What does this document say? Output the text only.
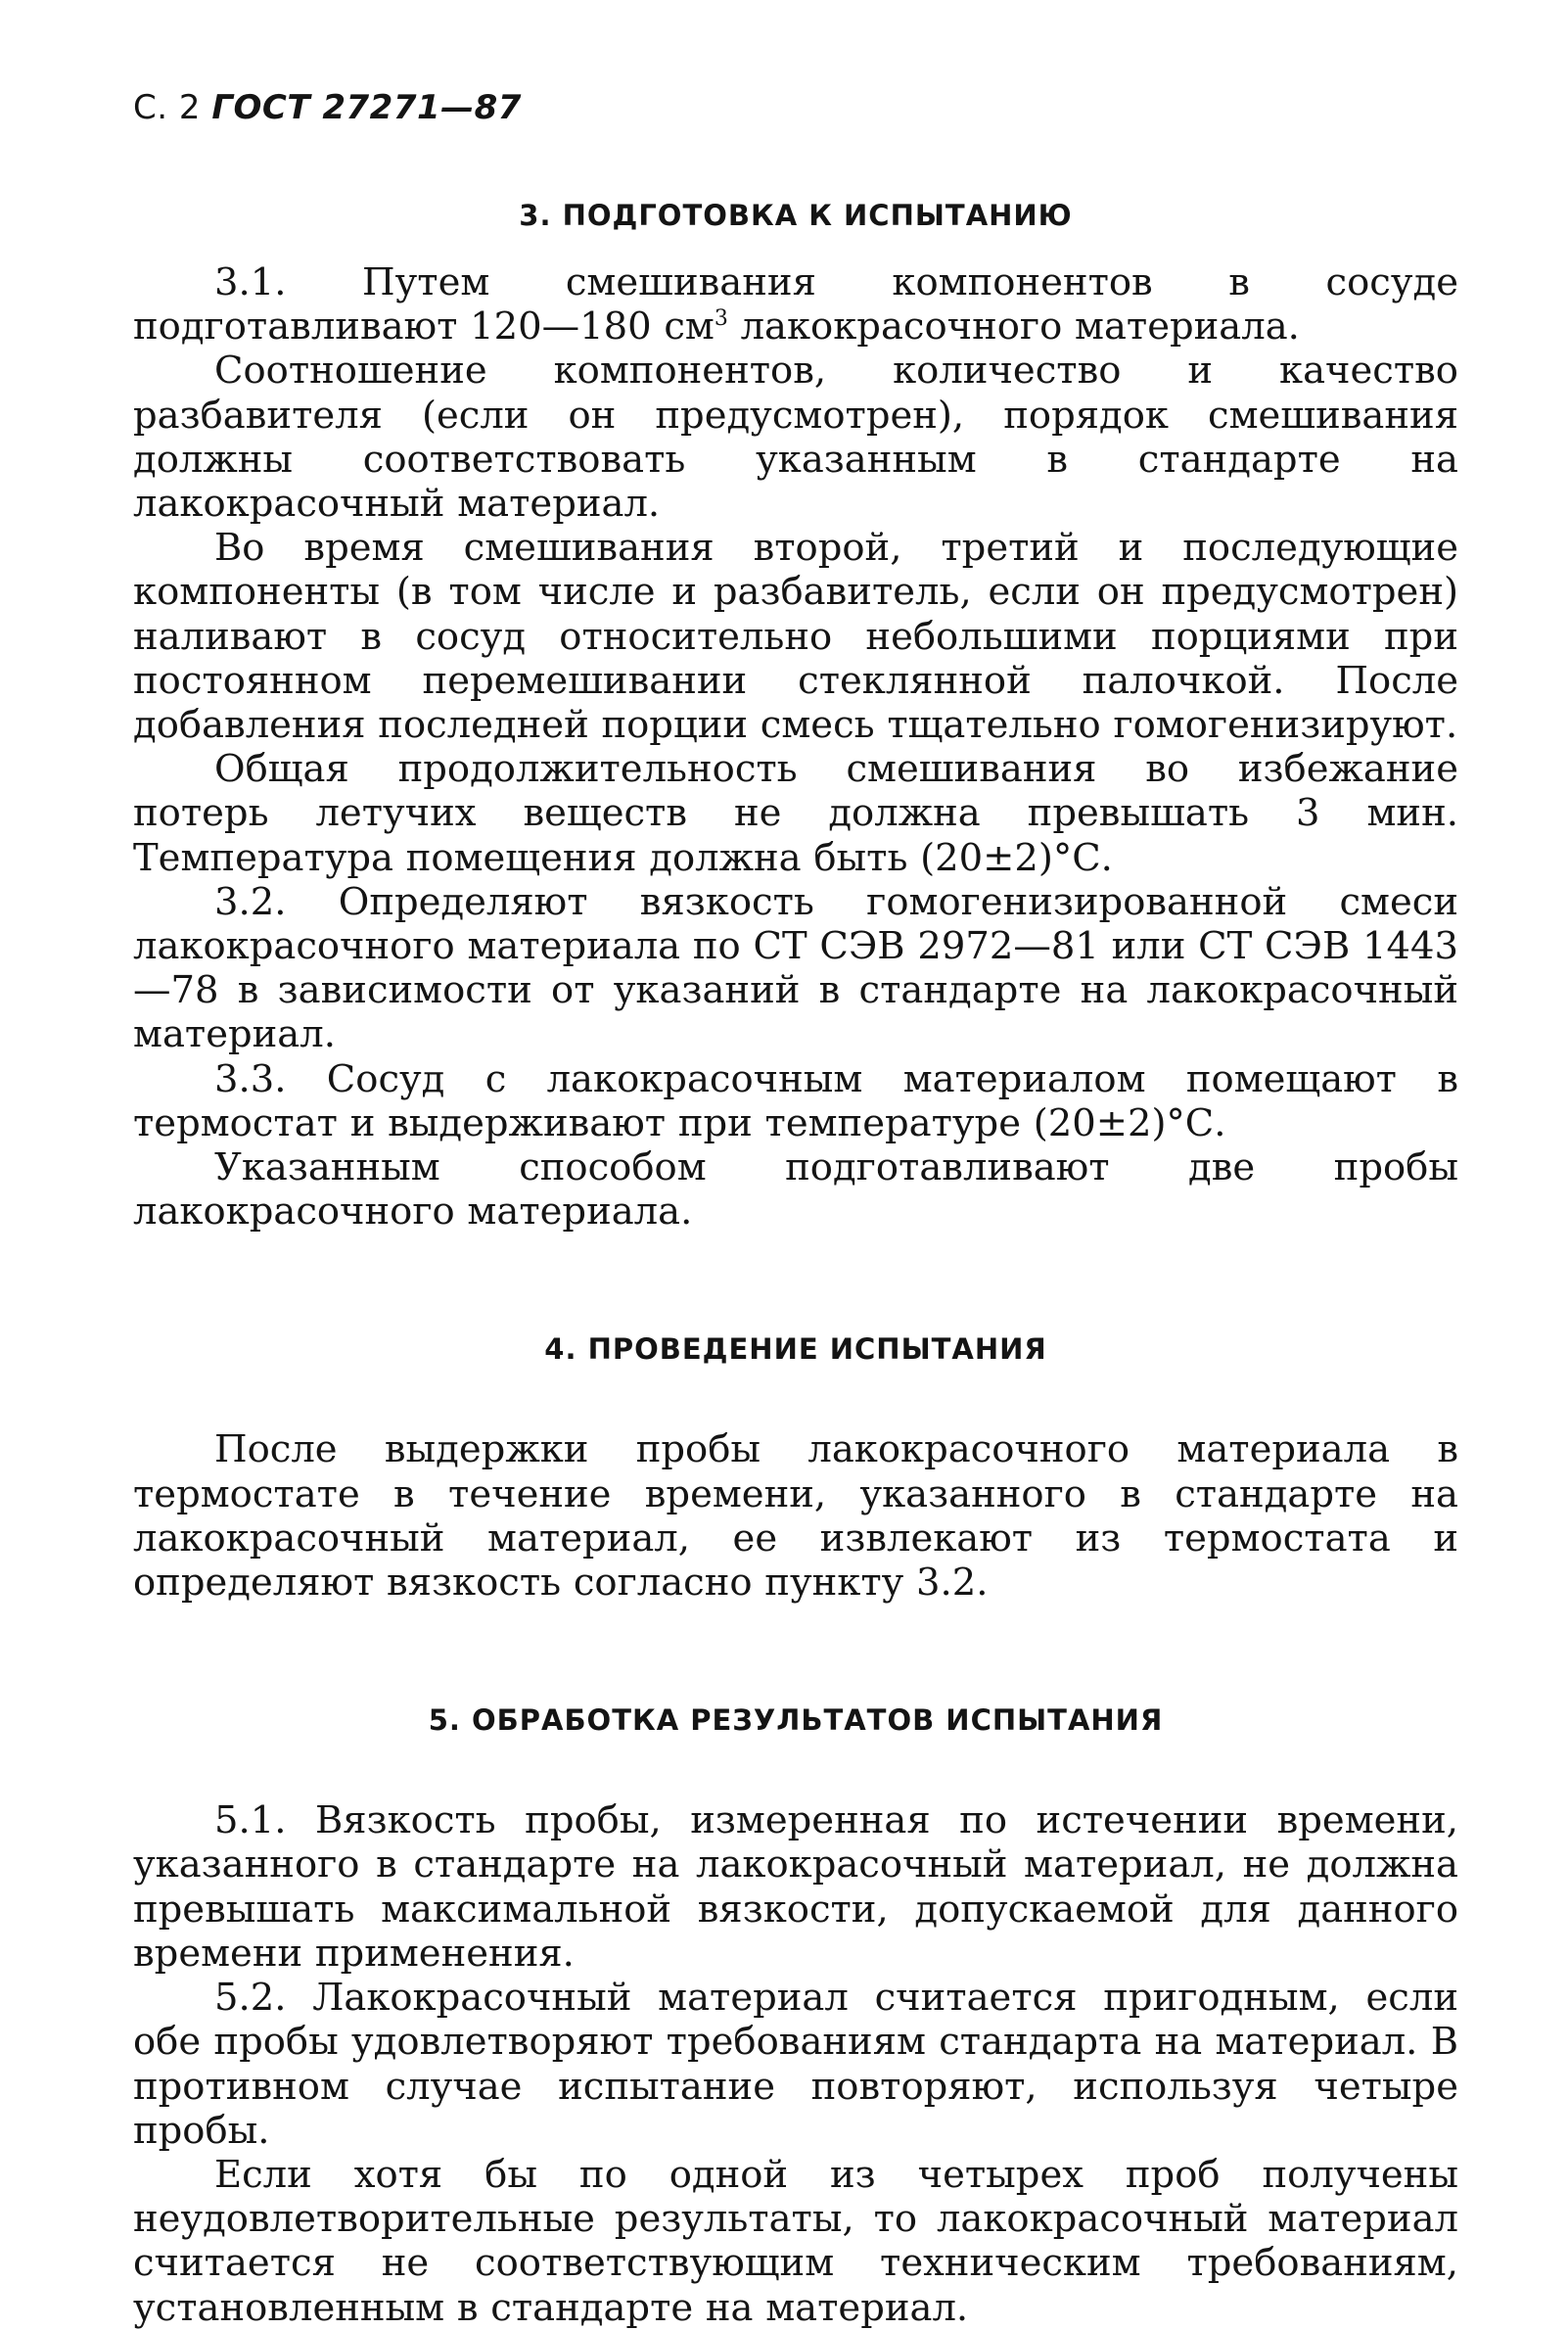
С. 2 ГОСТ 27271—87
3. ПОДГОТОВКА К ИСПЫТАНИЮ

3.1. Путем смешивания компонентов в сосуде подготавливают 120—180 $см^3$ лакокрасочного материала.

Соотношение компонентов, количество и качество разбавителя (если он предусмотрен), порядок смешивания должны соответствовать указанным в стандарте на лакокрасочный материал.

Во время смешивания второй, третий и последующие компоненты (в том числе и разбавитель, если он предусмотрен) наливают в сосуд относительно небольшими порциями при постоянном перемешивании стеклянной палочкой. После добавления последней порции смесь тщательно гомогенизируют.

Общая продолжительность смешивания во избежание потерь летучих веществ не должна превышать 3 мин. Температура помещения должна быть (20±2)°С.

3.2. Определяют вязкость гомогенизированной смеси лакокрасочного материала по СТ СЭВ 2972—81 или СТ СЭВ 1443—78 в зависимости от указаний в стандарте на лакокрасочный материал.

3.3. Сосуд с лакокрасочным материалом помещают в термостат и выдерживают при температуре (20±2)°С.

Указанным способом подготавливают две пробы лакокрасочного материала.

4. ПРОВЕДЕНИЕ ИСПЫТАНИЯ

После выдержки пробы лакокрасочного материала в термостате в течение времени, указанного в стандарте на лакокрасочный материал, ее извлекают из термостата и определяют вязкость согласно пункту 3.2.

5. ОБРАБОТКА РЕЗУЛЬТАТОВ ИСПЫТАНИЯ

5.1. Вязкость пробы, измеренная по истечении времени, указанного в стандарте на лакокрасочный материал, не должна превышать максимальной вязкости, допускаемой для данного времени применения.

5.2. Лакокрасочный материал считается пригодным, если обе пробы удовлетворяют требованиям стандарта на материал. В противном случае испытание повторяют, используя четыре пробы.

Если хотя бы по одной из четырех проб получены неудовлетворительные результаты, то лакокрасочный материал считается не соответствующим техническим требованиям, установленным в стандарте на материал.
